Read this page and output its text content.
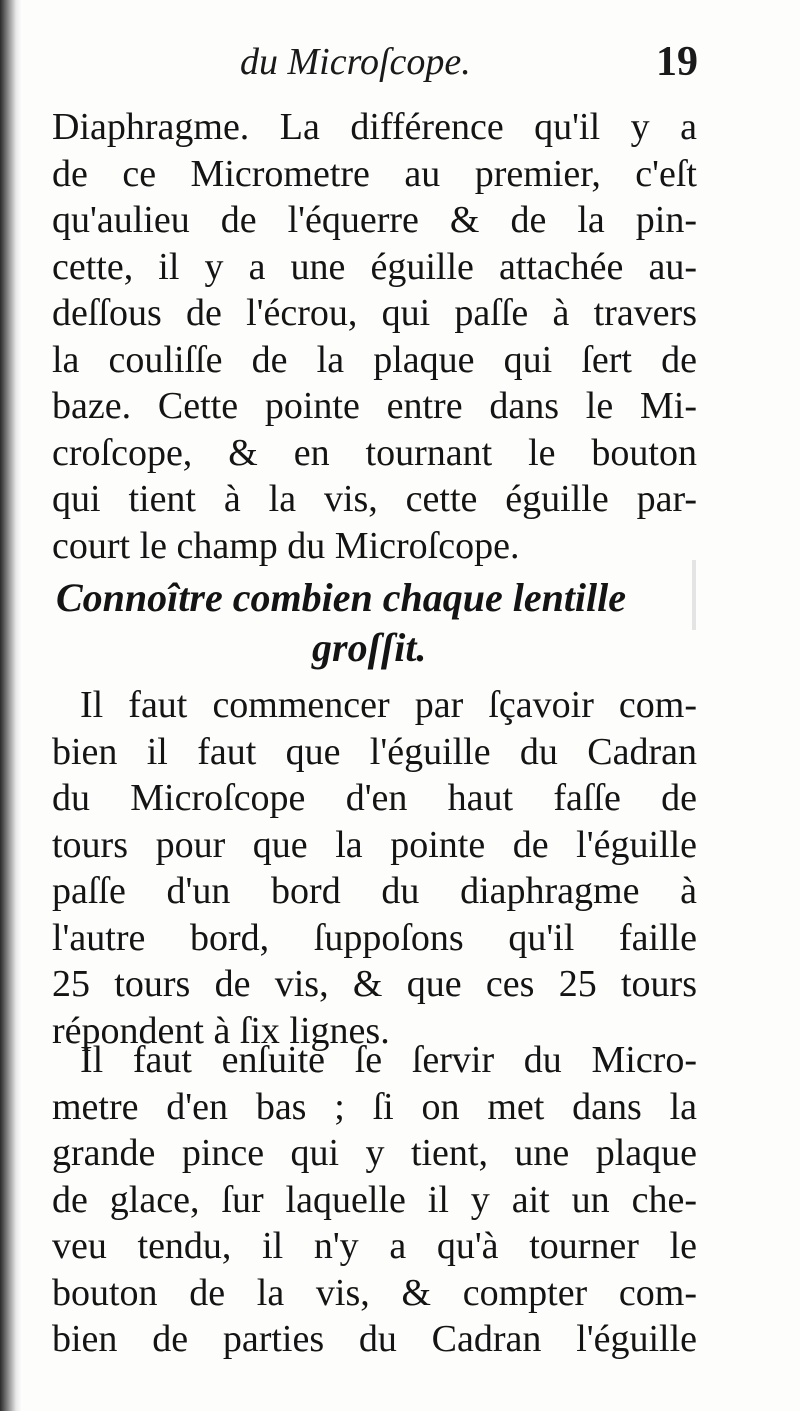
du Microſcope.	19
Diaphragme. La différence qu'il y a
de ce Micrometre au premier, c'eſt
qu'aulieu de l'équerre & de la pin-
cette, il y a une éguille attachée au-
deſſous de l'écrou, qui paſſe à travers
la couliſſe de la plaque qui ſert de
baze. Cette pointe entre dans le Mi-
croſcope, & en tournant le bouton
qui tient à la vis, cette éguille par-
court le champ du Microſcope.
Connoître combien chaque lentille
groſſit.
Il faut commencer par ſçavoir com-
bien il faut que l'éguille du Cadran
du Microſcope d'en haut faſſe de
tours pour que la pointe de l'éguille
paſſe d'un bord du diaphragme à
l'autre bord, ſuppoſons qu'il faille
25 tours de vis, & que ces 25 tours
répondent à ſix lignes.
Il faut enſuite ſe ſervir du Micro-
metre d'en bas ; ſi on met dans la
grande pince qui y tient, une plaque
de glace, ſur laquelle il y ait un che-
veu tendu, il n'y a qu'à tourner le
bouton de la vis, & compter com-
bien de parties du Cadran l'éguille
